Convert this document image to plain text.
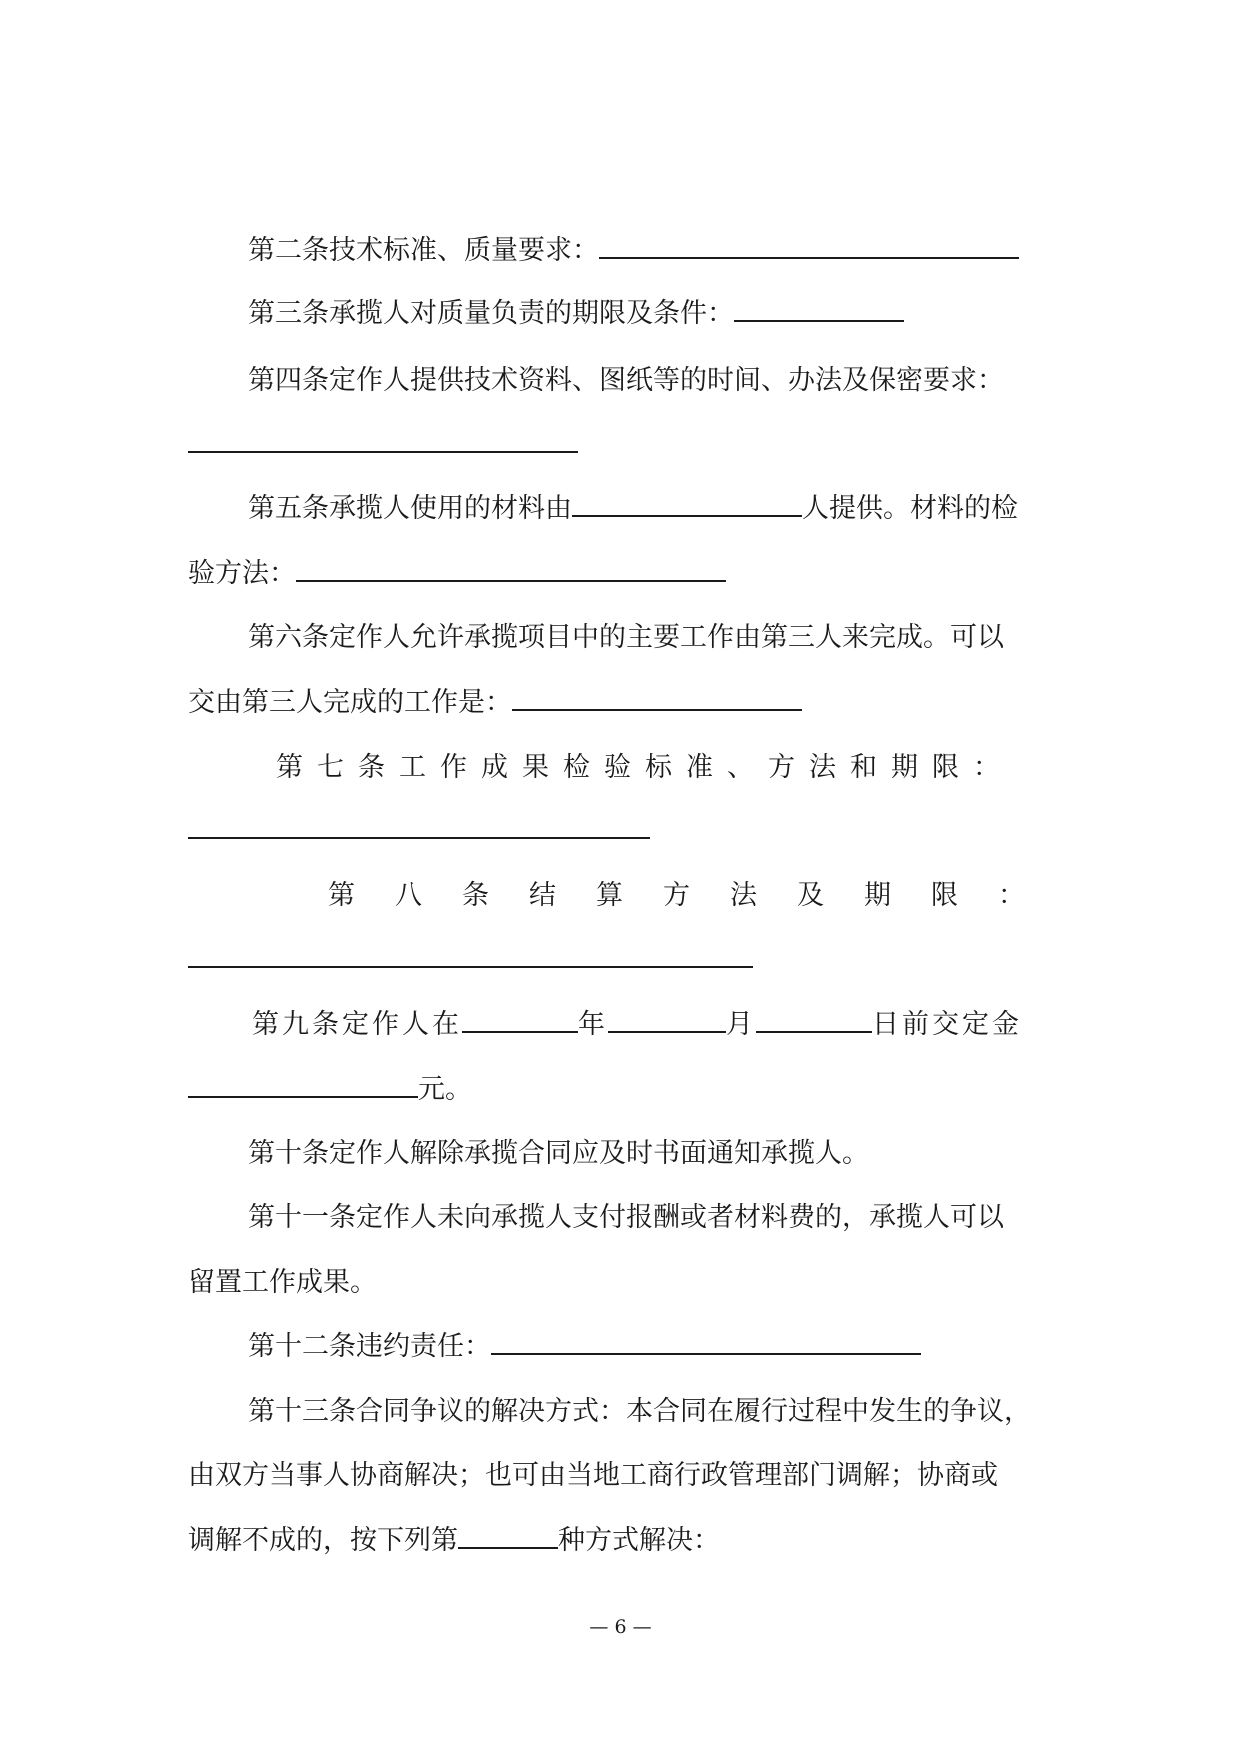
第二条技术标准、质量要求：
第三条承揽人对质量负责的期限及条件：
第四条定作人提供技术资料、图纸等的时间、办法及保密要求：
第五条承揽人使用的材料由	人提供。材料的检
验方法：
第六条定作人允许承揽项目中的主要工作由第三人来完成。可以
交由第三人完成的工作是：
第七条工作成果检验标准、方法和期限：
第八条结算方法及期限：
第九条定作人在	年	月	日前交定金
元。
第十条定作人解除承揽合同应及时书面通知承揽人。
第十一条定作人未向承揽人支付报酬或者材料费的，承揽人可以
留置工作成果。
第十二条违约责任：
第十三条合同争议的解决方式：本合同在履行过程中发生的争议，
由双方当事人协商解决；也可由当地工商行政管理部门调解；协商或
调解不成的，按下列第	种方式解决：
— 6 —
